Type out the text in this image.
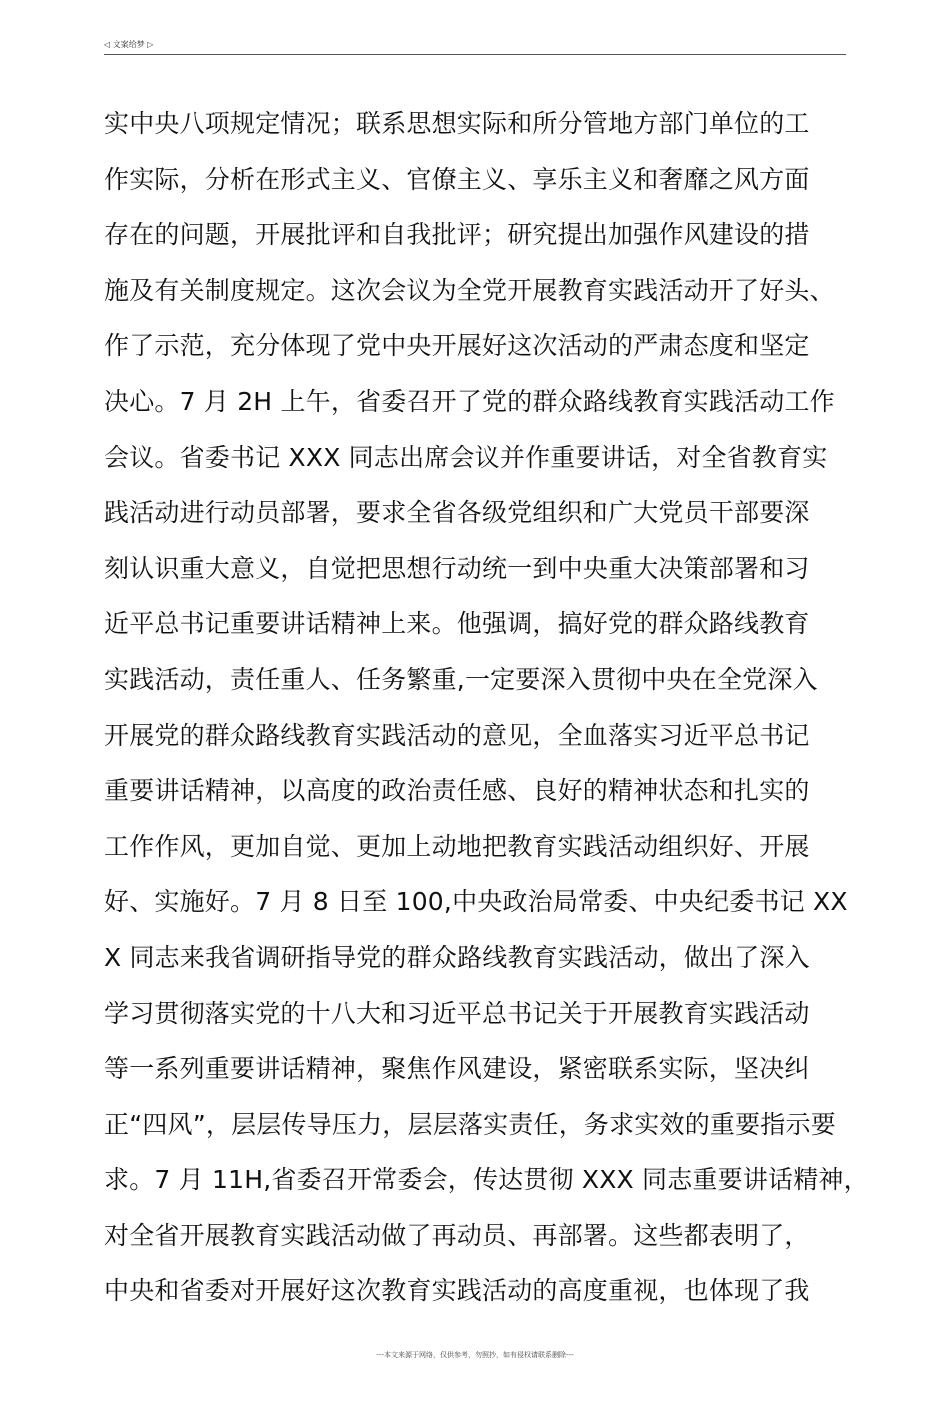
◁ 文案给梦 ▷
实中央八项规定情况；联系思想实际和所分管地方部门单位的工
作实际，分析在形式主义、官僚主义、享乐主义和奢靡之风方面
存在的问题，开展批评和自我批评；研究提出加强作风建设的措
施及有关制度规定。这次会议为全党开展教育实践活动开了好头、
作了示范，充分体现了党中央开展好这次活动的严肃态度和坚定
决心。7 月 2H 上午，省委召开了党的群众路线教育实践活动工作
会议。省委书记 XXX 同志出席会议并作重要讲话，对全省教育实
践活动进行动员部署，要求全省各级党组织和广大党员干部要深
刻认识重大意义，自觉把思想行动统一到中央重大决策部署和习
近平总书记重要讲话精神上来。他强调，搞好党的群众路线教育
实践活动，责任重人、任务繁重,一定要深入贯彻中央在全党深入
开展党的群众路线教育实践活动的意见，全血落实习近平总书记
重要讲话精神，以高度的政治责任感、良好的精神状态和扎实的
工作作风，更加自觉、更加上动地把教育实践活动组织好、开展
好、实施好。7 月 8 日至 100,中央政治局常委、中央纪委书记 XX
X 同志来我省调研指导党的群众路线教育实践活动，做出了深入
学习贯彻落实党的十八大和习近平总书记关于开展教育实践活动
等一系列重要讲话精神，聚焦作风建设，紧密联系实际，坚决纠
正“四风”，层层传导压力，层层落实责任，务求实效的重要指示要
求。7 月 11H,省委召开常委会，传达贯彻 XXX 同志重要讲话精神，
对全省开展教育实践活动做了再动员、再部署。这些都表明了，
中央和省委对开展好这次教育实践活动的高度重视，也体现了我
---本文来源于网络，仅供参考，勿照抄，如有侵权请联系删除---
